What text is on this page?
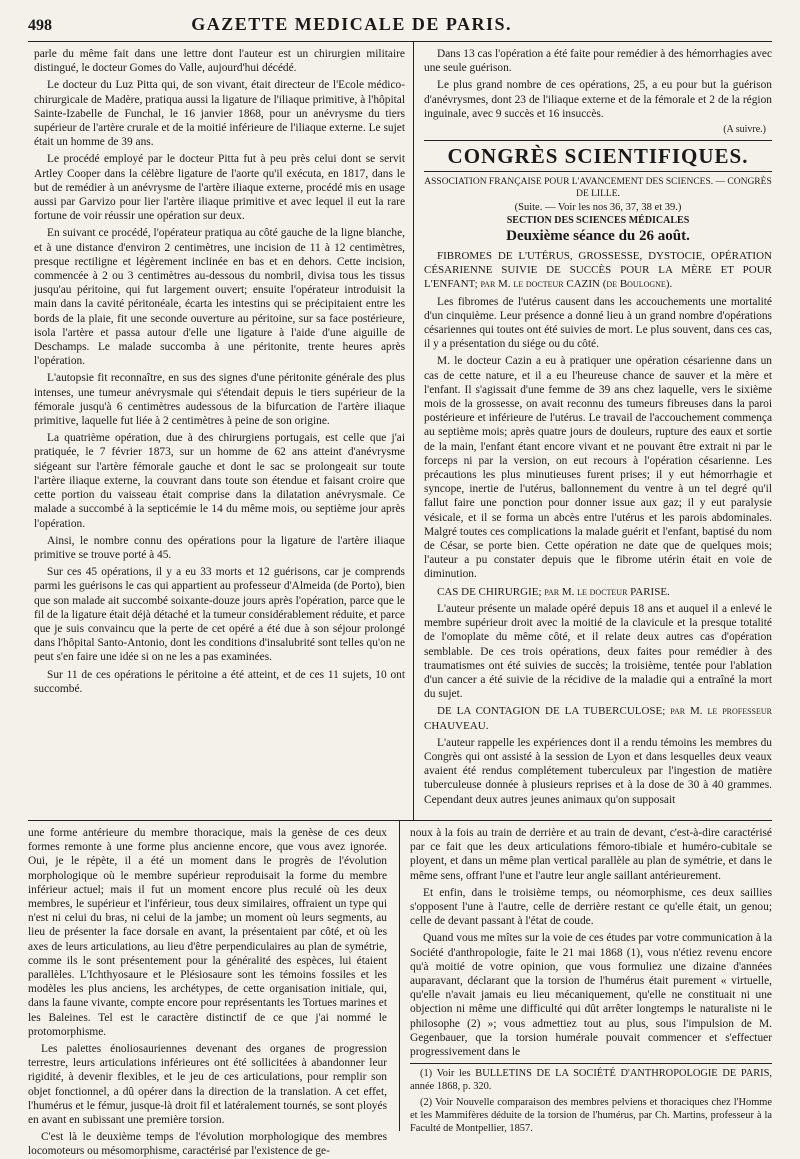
498	GAZETTE MEDICALE DE PARIS.

parle du même fait dans une lettre dont l'auteur est un chirurgien militaire distingué, le docteur Gomes do Valle, aujourd'hui décédé.

Le docteur du Luz Pitta qui, de son vivant, était directeur de l'Ecole médico-chirurgicale de Madère, pratiqua aussi la ligature de l'iliaque primitive, à l'hôpital Sainte-Izabelle de Funchal, le 16 janvier 1868, pour un anévrysme du tiers supérieur de l'artère crurale et de la moitié inférieure de l'iliaque externe. Le sujet était un homme de 39 ans.

Le procédé employé par le docteur Pitta fut à peu près celui dont se servit Artley Cooper dans la célèbre ligature de l'aorte qu'il exécuta, en 1817, dans le but de remédier à un anévrysme de l'artère iliaque externe, procédé mis en usage aussi par Garvizo pour lier l'artère iliaque primitive et avec lequel il eut la rare fortune de voir réussir une opération sur deux.

En suivant ce procédé, l'opérateur pratiqua au côté gauche de la ligne blanche, et à une distance d'environ 2 centimètres, une incision de 11 à 12 centimètres, presque rectiligne et légèrement inclinée en bas et en dehors. Cette incision, commencée à 2 ou 3 centimètres au-dessous du nombril, divisa tous les tissus jusqu'au péritoine, qui fut largement ouvert; ensuite l'opérateur introduisit la main dans la cavité péritonéale, écarta les intestins qui se précipitaient entre les bords de la plaie, fit une seconde ouverture au péritoine, sur sa face postérieure, isola l'artère et passa autour d'elle une ligature à l'aide d'une aiguille de Deschamps. Le malade succomba à une péritonite, trente heures après l'opération.

L'autopsie fit reconnaître, en sus des signes d'une péritonite générale des plus intenses, une tumeur anévrysmale qui s'étendait depuis le tiers supérieur de la fémorale jusqu'à 6 centimètres audessous de la bifurcation de l'artère iliaque primitive, laquelle fut liée à 2 centimètres à peine de son origine.

La quatrième opération, due à des chirurgiens portugais, est celle que j'ai pratiquée, le 7 février 1873, sur un homme de 62 ans atteint d'anévrysme siégeant sur l'artère fémorale gauche et dont le sac se prolongeait sur toute l'artère iliaque externe, la couvrant dans toute son étendue et faisant croire que cette portion du vaisseau était comprise dans la dilatation anévrysmale. Ce malade a succombé à la septicémie le 14 du même mois, ou septième jour après l'opération.

Ainsi, le nombre connu des opérations pour la ligature de l'artère iliaque primitive se trouve porté à 45.

Sur ces 45 opérations, il y a eu 33 morts et 12 guérisons, car je comprends parmi les guérisons le cas qui appartient au professeur d'Almeida (de Porto), bien que son malade ait succombé soixante-douze jours après l'opération, parce que le fil de la ligature était déjà détaché et la tumeur considérablement réduite, et parce que je suis convaincu que la perte de cet opéré a été due à son séjour prolongé dans l'hôpital Santo-Antonio, dont les conditions d'insalubrité sont telles qu'on ne peut s'en faire une idée si on ne les a pas examinées.

Sur 11 de ces opérations le péritoine a été atteint, et de ces 11 sujets, 10 ont succombé.

Dans 13 cas l'opération a été faite pour remédier à des hémorrhagies avec une seule guérison.

Le plus grand nombre de ces opérations, 25, a eu pour but la guérison d'anévrysmes, dont 23 de l'iliaque externe et de la fémorale et 2 de la région inguinale, avec 9 succès et 16 insuccès.

(A suivre.)
CONGRÈS SCIENTIFIQUES.
ASSOCIATION FRANÇAISE POUR L'AVANCEMENT DES SCIENCES. — CONGRÈS DE LILLE.
(Suite. — Voir les nos 36, 37, 38 et 39.)
SECTION DES SCIENCES MÉDICALES
Deuxième séance du 26 août.

FIBROMES DE L'UTÉRUS, GROSSESSE, DYSTOCIE, OPÉRATION CÉSARIENNE SUIVIE DE SUCCÈS POUR LA MÈRE ET POUR L'ENFANT; par M. le docteur CAZIN (de Boulogne).

Les fibromes de l'utérus causent dans les accouchements une mortalité d'un cinquième. Leur présence a donné lieu à un grand nombre d'opérations césariennes qui toutes ont été suivies de mort. Le plus souvent, dans ces cas, il y a présentation du siége ou du côté.

M. le docteur Cazin a eu à pratiquer une opération césarienne dans un cas de cette nature, et il a eu l'heureuse chance de sauver et la mère et l'enfant. Il s'agissait d'une femme de 39 ans chez laquelle, vers le sixième mois de la grossesse, on avait reconnu des tumeurs fibreuses dans la paroi postérieure et inférieure de l'utérus. Le travail de l'accouchement commença au septième mois; après quatre jours de douleurs, rupture des eaux et sortie de la main, l'enfant étant encore vivant et ne pouvant être extrait ni par le forceps ni par la version, on eut recours à l'opération césarienne. Les précautions les plus minutieuses furent prises; il y eut hémorrhagie et syncope, inertie de l'utérus, ballonnement du ventre à un tel degré qu'il fallut faire une ponction pour donner issue aux gaz; il y eut paralysie vésicale, et il se forma un abcès entre l'utérus et les parois abdominales. Malgré toutes ces complications la malade guérit et l'enfant, baptisé du nom de César, se porte bien. Cette opération ne date que de quelques mois; l'auteur a pu constater depuis que le fibrome utérin était en voie de diminution.

CAS DE CHIRURGIE; par M. le docteur PARISE.

L'auteur présente un malade opéré depuis 18 ans et auquel il a enlevé le membre supérieur droit avec la moitié de la clavicule et la presque totalité de l'omoplate du même côté, et il relate deux autres cas d'opération semblable. De ces trois opérations, deux faites pour remédier à des traumatismes ont été suivies de succès; la troisième, tentée pour l'ablation d'un cancer a été suivie de la récidive de la maladie qui a entraîné la mort du sujet.

DE LA CONTAGION DE LA TUBERCULOSE; par M. le professeur CHAUVEAU.

L'auteur rappelle les expériences dont il a rendu témoins les membres du Congrès qui ont assisté à la session de Lyon et dans lesquelles deux veaux avaient été rendus complétement tuberculeux par l'ingestion de matière tuberculeuse donnée à plusieurs reprises et à la dose de 30 à 40 grammes. Cependant deux autres jeunes animaux qu'on supposait

une forme antérieure du membre thoracique, mais la genèse de ces deux formes remonte à une forme plus ancienne encore, que vous avez ignorée. Oui, je le répète, il a été un moment dans le progrès de l'évolution morphologique où le membre supérieur reproduisait la forme du membre inférieur actuel; mais il fut un moment encore plus reculé où les deux membres, le supérieur et l'inférieur, tous deux similaires, offraient un type qui n'est ni celui du bras, ni celui de la jambe; un moment où leurs segments, au lieu de présenter la face dorsale en avant, la présentaient par côté, et où les axes de leurs articulations, au lieu d'être perpendiculaires au plan de symétrie, comme ils le sont présentement pour la généralité des espèces, lui étaient parallèles. L'Ichthyosaure et le Plésiosaure sont les témoins fossiles et les modèles les plus anciens, les archétypes, de cette organisation initiale, qui, dans la faune vivante, compte encore pour représentants les Tortues marines et les Baleines. Tel est le caractère distinctif de ce que j'ai nommé le protomorphisme.

Les palettes énoliosauriennes devenant des organes de progression terrestre, leurs articulations inférieures ont été sollicitées à abandonner leur rigidité, à devenir flexibles, et le jeu de ces articulations, pour remplir son objet fonctionnel, a dû opérer dans la direction de la translation. A cet effet, l'humérus et le fémur, jusque-là droit fil et latéralement tournés, se sont ployés en avant en subissant une première torsion.

C'est là le deuxième temps de l'évolution morphologique des membres locomoteurs ou mésomorphisme, caractérisé par l'existence de ge-

noux à la fois au train de derrière et au train de devant, c'est-à-dire caractérisé par ce fait que les deux articulations fémoro-tibiale et huméro-cubitale se ployent, et dans un même plan vertical parallèle au plan de symétrie, et dans le même sens, offrant l'une et l'autre leur angle saillant antérieurement.

Et enfin, dans le troisième temps, ou néomorphisme, ces deux saillies s'opposent l'une à l'autre, celle de derrière restant ce qu'elle était, un genou; celle de devant passant à l'état de coude.

Quand vous me mîtes sur la voie de ces études par votre communication à la Société d'anthropologie, faite le 21 mai 1868 (1), vous n'étiez revenu encore qu'à moitié de votre opinion, que vous formuliez une dizaine d'années auparavant, déclarant que la torsion de l'humérus était purement « virtuelle, qu'elle n'avait jamais eu lieu mécaniquement, qu'elle ne constituait ni une objection ni même une difficulté qui dût arrêter longtemps le naturaliste ni le philosophe (2) »; vous admettiez tout au plus, sous l'impulsion de M. Gegenbauer, que la torsion humérale pouvait commencer et s'effectuer progressivement dans le

(1) Voir les BULLETINS DE LA SOCIÉTÉ D'ANTHROPOLOGIE DE PARIS, année 1868, p. 320.

(2) Voir Nouvelle comparaison des membres pelviens et thoraciques chez l'Homme et les Mammifères déduite de la torsion de l'humérus, par Ch. Martins, professeur à la Faculté de Montpellier, 1857.
